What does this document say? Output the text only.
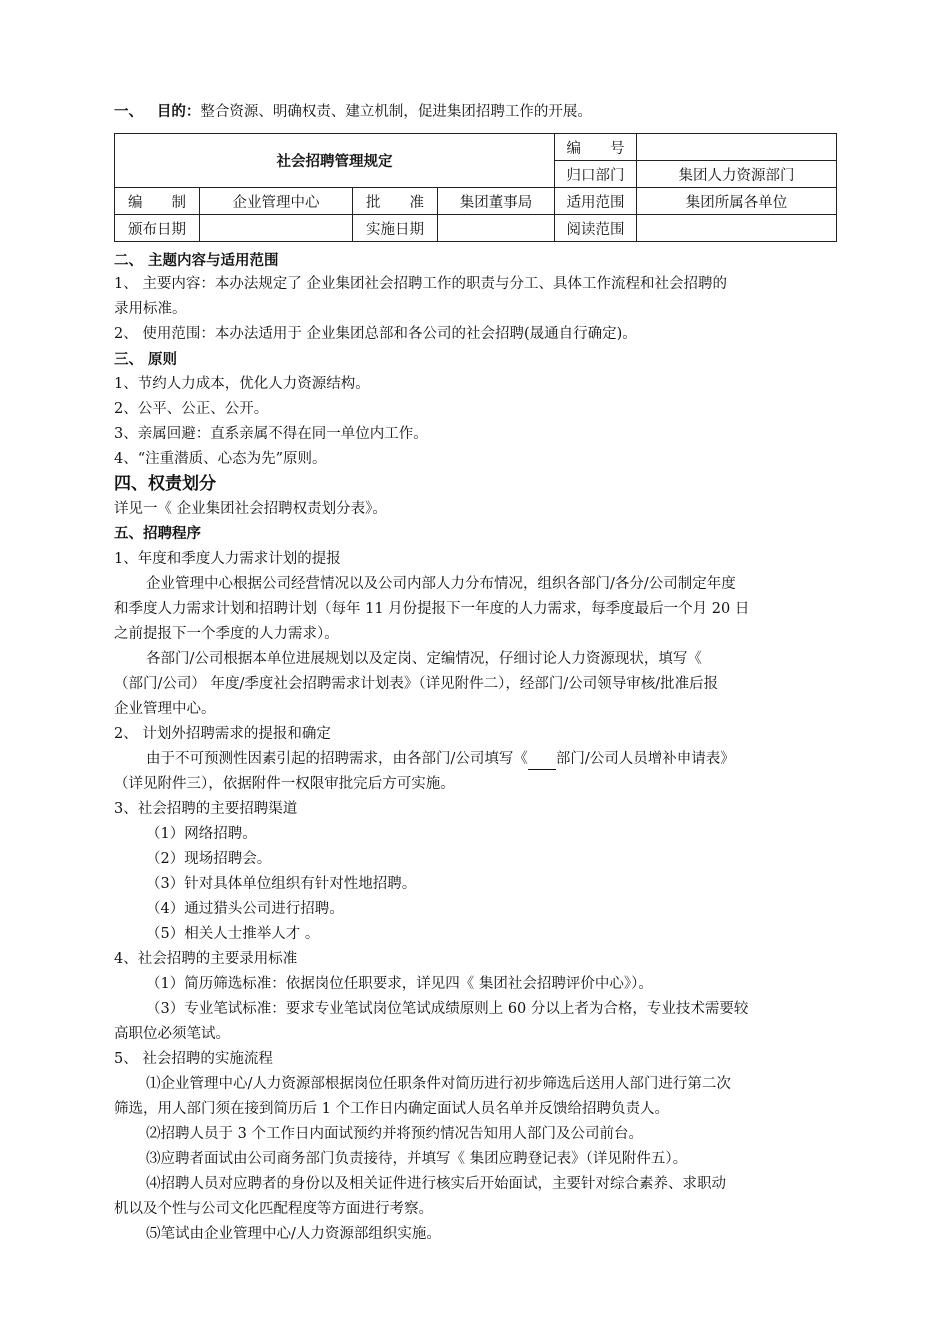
一、 目的：整合资源、明确权责、建立机制，促进集团招聘工作的开展。
社会招聘管理规定				编　　号	
				归口部门	集团人力资源部门
编　　制	企业管理中心	批　　准	集团董事局	适用范围	集团所属各单位
颁布日期		实施日期		阅读范围	
二、 主题内容与适用范围
1、 主要内容：本办法规定了 企业集团社会招聘工作的职责与分工、具体工作流程和社会招聘的
录用标准。
2、 使用范围：本办法适用于 企业集团总部和各公司的社会招聘(晟通自行确定)。
三、 原则
1、节约人力成本，优化人力资源结构。
2、公平、公正、公开。
3、亲属回避：直系亲属不得在同一单位内工作。
4、“注重潜质、心态为先”原则。
四、权责划分
详见一《 企业集团社会招聘权责划分表》。
五、招聘程序
1、年度和季度人力需求计划的提报
企业管理中心根据公司经营情况以及公司内部人力分布情况，组织各部门/各分/公司制定年度
和季度人力需求计划和招聘计划（每年 11 月份提报下一年度的人力需求，每季度最后一个月 20 日
之前提报下一个季度的人力需求）。
各部门/公司根据本单位进展规划以及定岗、定编情况，仔细讨论人力资源现状，填写《
（部门/公司） 年度/季度社会招聘需求计划表》（详见附件二），经部门/公司领导审核/批准后报
企业管理中心。
2、 计划外招聘需求的提报和确定
由于不可预测性因素引起的招聘需求，由各部门/公司填写《 部门/公司人员增补申请表》
（详见附件三），依据附件一权限审批完后方可实施。
3、社会招聘的主要招聘渠道
（1）网络招聘。
（2）现场招聘会。
（3）针对具体单位组织有针对性地招聘。
（4）通过猎头公司进行招聘。
（5）相关人士推举人才 。
4、社会招聘的主要录用标准
（1）简历筛选标准：依据岗位任职要求，详见四《 集团社会招聘评价中心》）。
（3）专业笔试标准：要求专业笔试岗位笔试成绩原则上 60 分以上者为合格，专业技术需要较
高职位必须笔试。
5、 社会招聘的实施流程
⑴企业管理中心/人力资源部根据岗位任职条件对简历进行初步筛选后送用人部门进行第二次
筛选，用人部门须在接到简历后 1 个工作日内确定面试人员名单并反馈给招聘负责人。
⑵招聘人员于 3 个工作日内面试预约并将预约情况告知用人部门及公司前台。
⑶应聘者面试由公司商务部门负责接待，并填写《 集团应聘登记表》（详见附件五）。
⑷招聘人员对应聘者的身份以及相关证件进行核实后开始面试，主要针对综合素养、求职动
机以及个性与公司文化匹配程度等方面进行考察。
⑸笔试由企业管理中心/人力资源部组织实施。
